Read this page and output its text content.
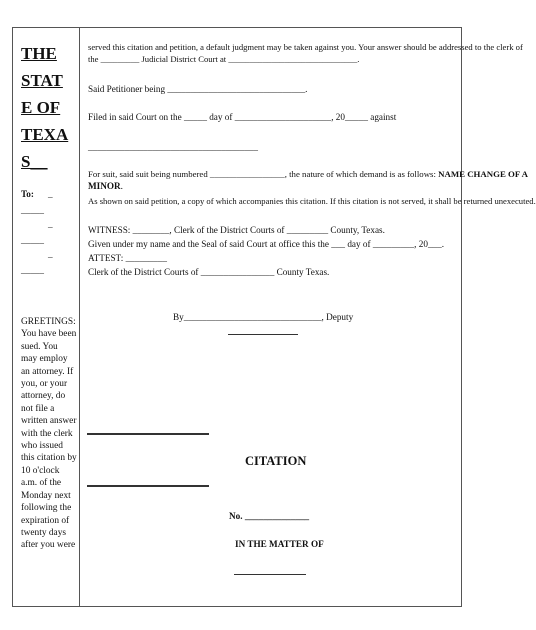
THE
STAT
E OF
TEXA
S__
To: _
_____
_
_____
_
_____
GREETINGS:
You have been
sued. You
may employ
an attorney. If
you, or your
attorney, do
not file a
written answer
with the clerk
who issued
this citation by
10 o'clock
a.m. of the
Monday next
following the
expiration of
twenty days
after you were
served this citation and petition, a default judgment may be taken against you. Your answer should be addressed to the clerk of
the _________ Judicial District Court at ______________________________.
Said Petitioner being ______________________________.
Filed in said Court on the _____ day of _____________________, 20_____ against
_____________________________________
For suit, said suit being numbered _________________, the nature of which demand is as follows: NAME CHANGE OF A
MINOR.
As shown on said petition, a copy of which accompanies this citation. If this citation is not served, it shall be returned unexecuted.
WITNESS: ________, Clerk of the District Courts of _________ County, Texas.
Given under my name and the Seal of said Court at office this the ___ day of _________, 20___.
ATTEST: _________
Clerk of the District Courts of ________________ County Texas.
By______________________________, Deputy
CITATION
No. ______________
IN THE MATTER OF
